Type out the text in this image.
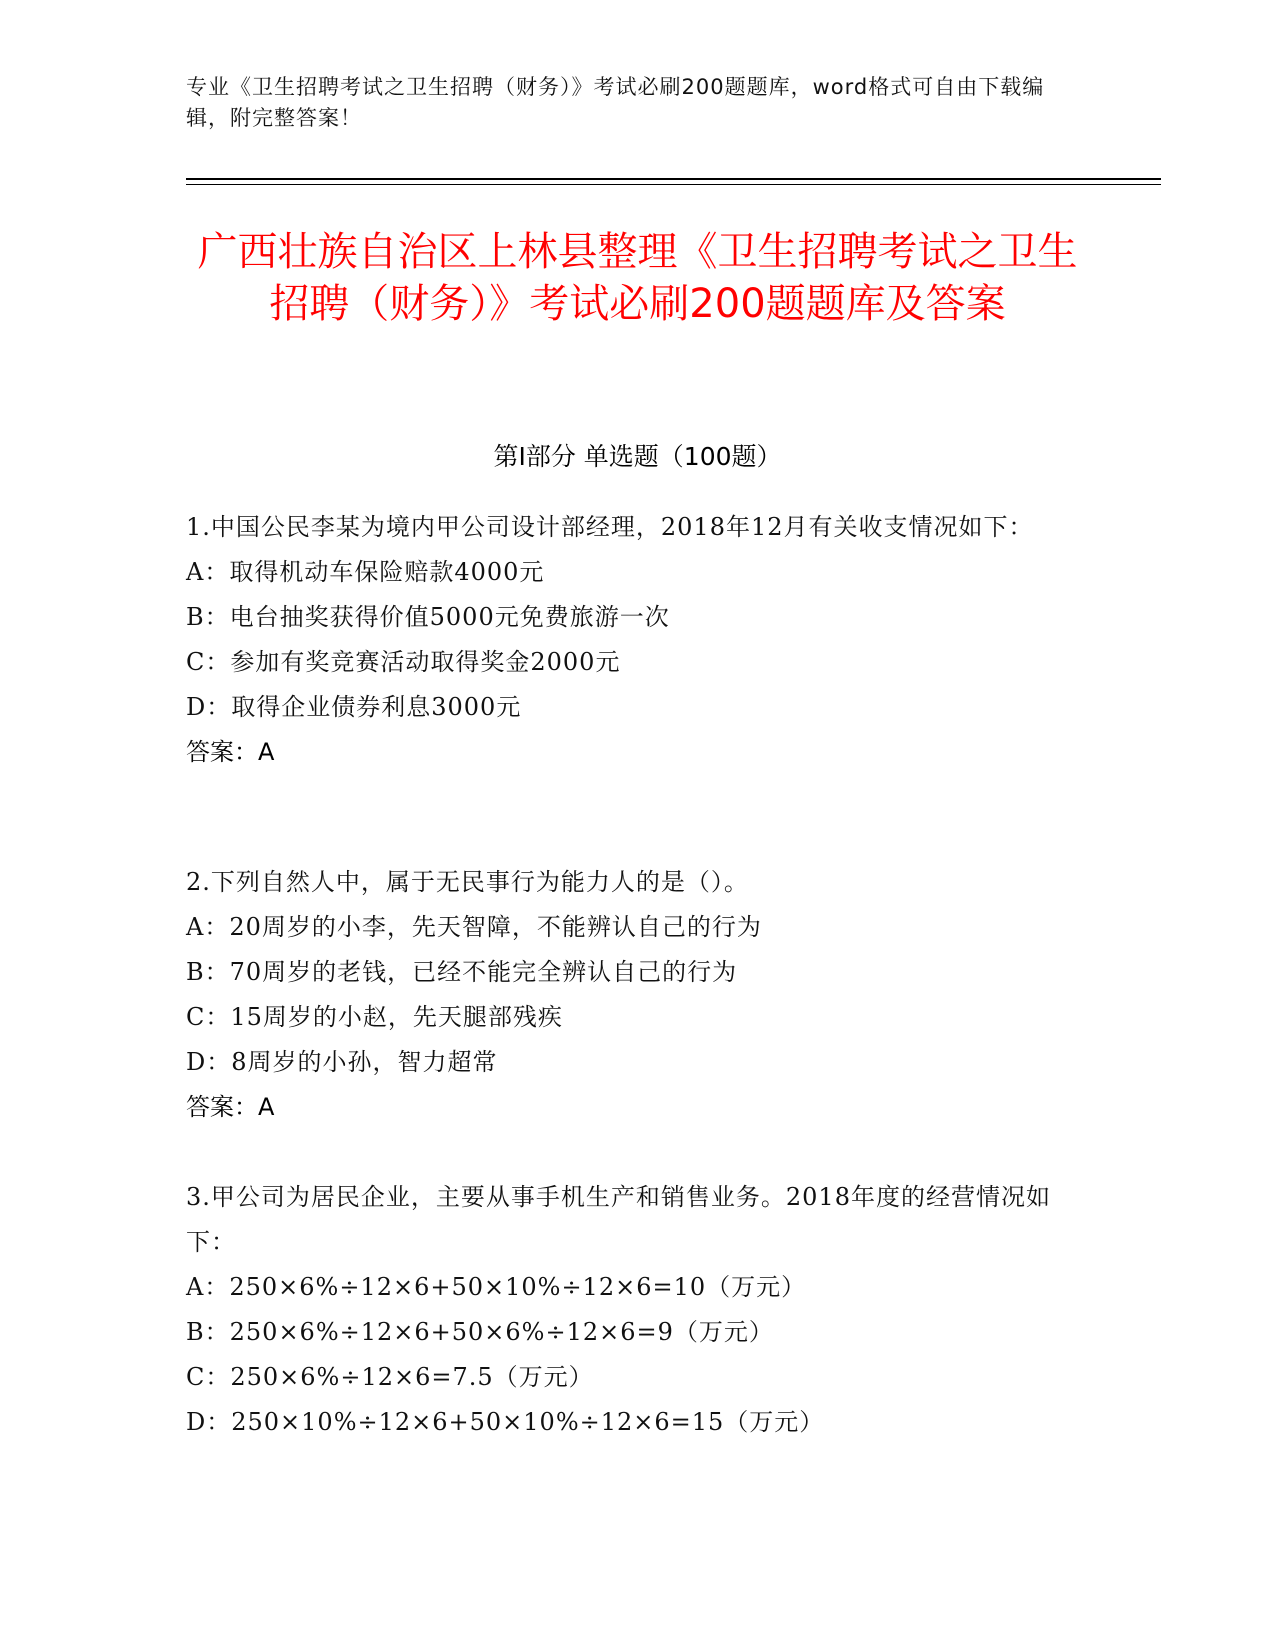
专业《卫生招聘考试之卫生招聘（财务）》考试必刷200题题库，word格式可自由下载编辑，附完整答案！
广西壮族自治区上林县整理《卫生招聘考试之卫生招聘（财务）》考试必刷200题题库及答案
第I部分 单选题（100题）

1.中国公民李某为境内甲公司设计部经理，2018年12月有关收支情况如下：

A：取得机动车保险赔款4000元

B：电台抽奖获得价值5000元免费旅游一次

C：参加有奖竞赛活动取得奖金2000元

D：取得企业债券利息3000元

答案：A

2.下列自然人中，属于无民事行为能力人的是（）。

A：20周岁的小李，先天智障，不能辨认自己的行为

B：70周岁的老钱，已经不能完全辨认自己的行为

C：15周岁的小赵，先天腿部残疾

D：8周岁的小孙，智力超常

答案：A

3.甲公司为居民企业，主要从事手机生产和销售业务。2018年度的经营情况如下：

A：250×6%÷12×6+50×10%÷12×6=10（万元）

B：250×6%÷12×6+50×6%÷12×6=9（万元）

C：250×6%÷12×6=7.5（万元）

D：250×10%÷12×6+50×10%÷12×6=15（万元）
